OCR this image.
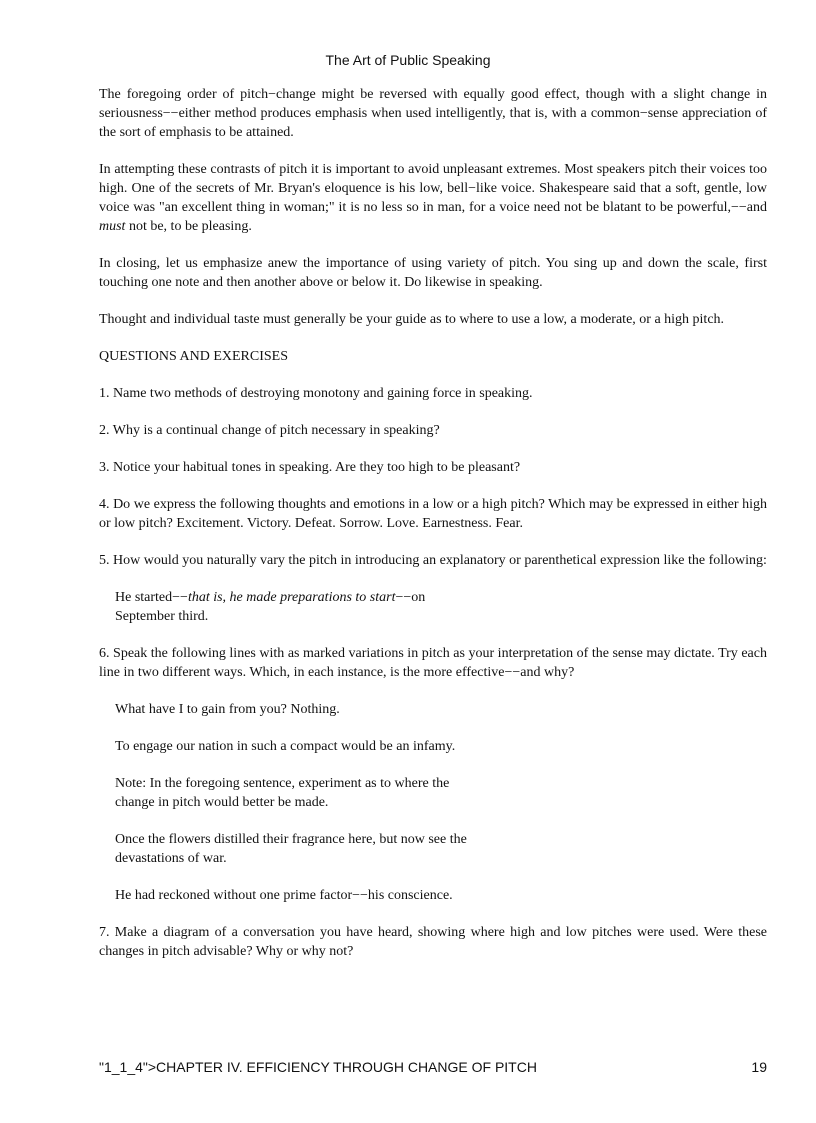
The Art of Public Speaking

The foregoing order of pitch−change might be reversed with equally good effect, though with a slight change in seriousness−−either method produces emphasis when used intelligently, that is, with a common−sense appreciation of the sort of emphasis to be attained.

In attempting these contrasts of pitch it is important to avoid unpleasant extremes. Most speakers pitch their voices too high. One of the secrets of Mr. Bryan's eloquence is his low, bell−like voice. Shakespeare said that a soft, gentle, low voice was "an excellent thing in woman;" it is no less so in man, for a voice need not be blatant to be powerful,−−and must not be, to be pleasing.

In closing, let us emphasize anew the importance of using variety of pitch. You sing up and down the scale, first touching one note and then another above or below it. Do likewise in speaking.

Thought and individual taste must generally be your guide as to where to use a low, a moderate, or a high pitch.

QUESTIONS AND EXERCISES

1. Name two methods of destroying monotony and gaining force in speaking.

2. Why is a continual change of pitch necessary in speaking?

3. Notice your habitual tones in speaking. Are they too high to be pleasant?

4. Do we express the following thoughts and emotions in a low or a high pitch? Which may be expressed in either high or low pitch? Excitement. Victory. Defeat. Sorrow. Love. Earnestness. Fear.

5. How would you naturally vary the pitch in introducing an explanatory or parenthetical expression like the following:

He started−−that is, he made preparations to start−−on
September third.

6. Speak the following lines with as marked variations in pitch as your interpretation of the sense may dictate. Try each line in two different ways. Which, in each instance, is the more effective−−and why?

What have I to gain from you? Nothing.
To engage our nation in such a compact would be an infamy.
Note: In the foregoing sentence, experiment as to where the
change in pitch would better be made.
Once the flowers distilled their fragrance here, but now see the
devastations of war.
He had reckoned without one prime factor−−his conscience.

7. Make a diagram of a conversation you have heard, showing where high and low pitches were used. Were these changes in pitch advisable? Why or why not?

"1_1_4">CHAPTER IV. EFFICIENCY THROUGH CHANGE OF PITCH	19
